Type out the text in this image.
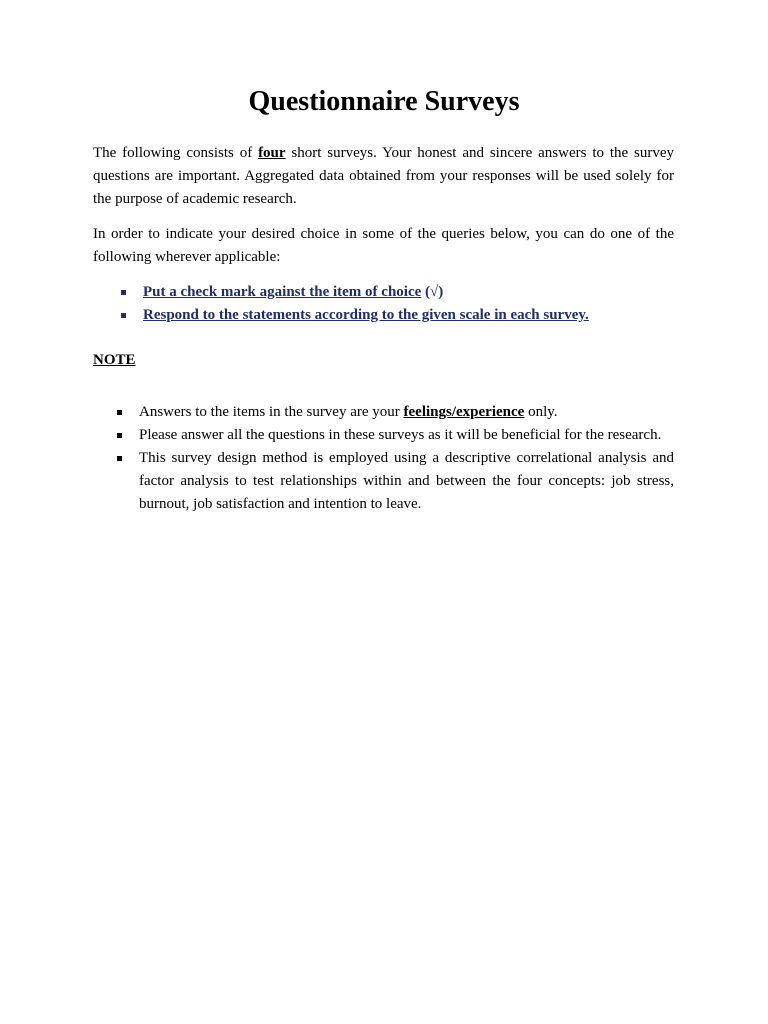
Questionnaire Surveys

The following consists of four short surveys. Your honest and sincere answers to the survey questions are important. Aggregated data obtained from your responses will be used solely for the purpose of academic research.

In order to indicate your desired choice in some of the queries below, you can do one of the following wherever applicable:

Put a check mark against the item of choice (√)
Respond to the statements according to the given scale in each survey.

NOTE

Answers to the items in the survey are your feelings/experience only.
Please answer all the questions in these surveys as it will be beneficial for the research.
This survey design method is employed using a descriptive correlational analysis and factor analysis to test relationships within and between the four concepts: job stress, burnout, job satisfaction and intention to leave.
